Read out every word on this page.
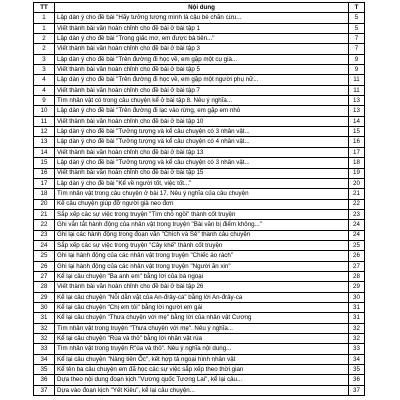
TT	Nội dung	T
1	Lập dàn ý cho đề bài "Hãy tưởng tượng mình là cậu bé chăn cừu...	5
1	Viết thành bài văn hoàn chỉnh cho đề bài ở bài tập 1	5
2	Lập dàn ý cho đề bài "Trong giấc mơ, em được bà tiên..."	7
2	Viết thành bài văn hoàn chỉnh cho đề bài ở bài tập 3	7
3	Lập dàn ý cho đề bài "Trên đường đi học về, em gặp một cụ già...	9
3	Viết thành bài văn hoàn chỉnh cho đề bài ở bài tập 5	9
4	Lập dàn ý cho đề bài "Trên đường đi học về, em gặp một người phụ nữ...	11
4	Viết thành bài văn hoàn chỉnh cho đề bài ở bài tập 7	11
9	Tìm nhân vật có trong câu chuyện kể ở bài tập 8. Nêu ý nghĩa...	13
10	Lập dàn ý cho đề bài "Trên đường đi lạc vào rừng, em gặp em nhỏ	13
11	Viết thành bài văn hoàn chỉnh cho đề bài ở bài tập 10	14
12	Lập dàn ý cho đề bài "Tưởng tượng và kể câu chuyện có 3 nhân vật...	15
13	Lập dàn ý cho đề bài "Tưởng tượng và kể câu chuyện có 4 nhân vật...	16
14	Viết thành bài văn hoàn chỉnh cho đề bài ở bài tập 13	17
15	Lập dàn ý cho đề bài "Tưởng tượng và kể câu chuyện có 3 nhân vật...	18
16	Viết thành bài văn hoàn chỉnh cho đề bài ở bài tập 15	19
17	Lập dàn ý cho đề bài "Kể về người tốt, việc tốt..."	20
18	Tìm nhân vật trong câu chuyện ở bài 17. Nêu ý nghĩa của câu chuyện	21
20	Kể câu chuyện giúp đỡ người già neo đơn	22
21	Sắp xếp các sự việc trong truyện "Tìm chỗ ngồi" thành cốt truyện	23
22	Ghi vắn tắt hành động của nhân vật trong truyện "Bài văn bị điểm không..."	24
23	Ghi lại các hành động trong đoạn văn "Chích và Sẻ" thành câu chuyện	24
24	Sắp xếp các sự việc trong truyện "Cây khế" thành cốt truyện	25
25	Ghi lại hành động của các nhân vật trong truyện "Chiếc áo rách"	26
26	Ghi lại hành động của các nhân vật trong truyện "Người ăn xin"	27
27	Kể lại câu chuyện "Ba anh em" bằng lời của bà ngoại	28
28	Viết thành bài văn hoàn chỉnh cho đề bài ở bài tập 26	29
29	Kể lại câu chuyện "Nỗi dằn vặt của An-đrây-ca" bằng lời An-đrây-ca	30
30	Kể lại câu chuyện "Chị em tôi" bằng lời người em gái	31
31	Kể lại câu chuyện "Thưa chuyện với mẹ" bằng lời của nhân vật Cương	31
32	Tìm nhân vật trong truyện "Thưa chuyện với mẹ". Nêu ý nghĩa...	32
32	Kể lại câu chuyện "Rùa và thỏ" bằng lời nhân vật rùa	32
33	Tìm nhân vật trong truyện R"ùa và thỏ". Nêu ý nghĩa nội dung...	33
34	Kể lại câu chuyện "Nàng tiên Ốc", kết hợp tả ngoại hình nhân vật	34
35	Kể tên ba câu chuyện em đã học các sự việc sắp xếp theo thời gian	35
36	Dựa theo nội dung đoạn kịch "Vương quốc Tương Lai", kể lại câu...	36
37	Dựa vào đoạn kịch "Yết Kiêu", kể lại câu chuyện...	37
